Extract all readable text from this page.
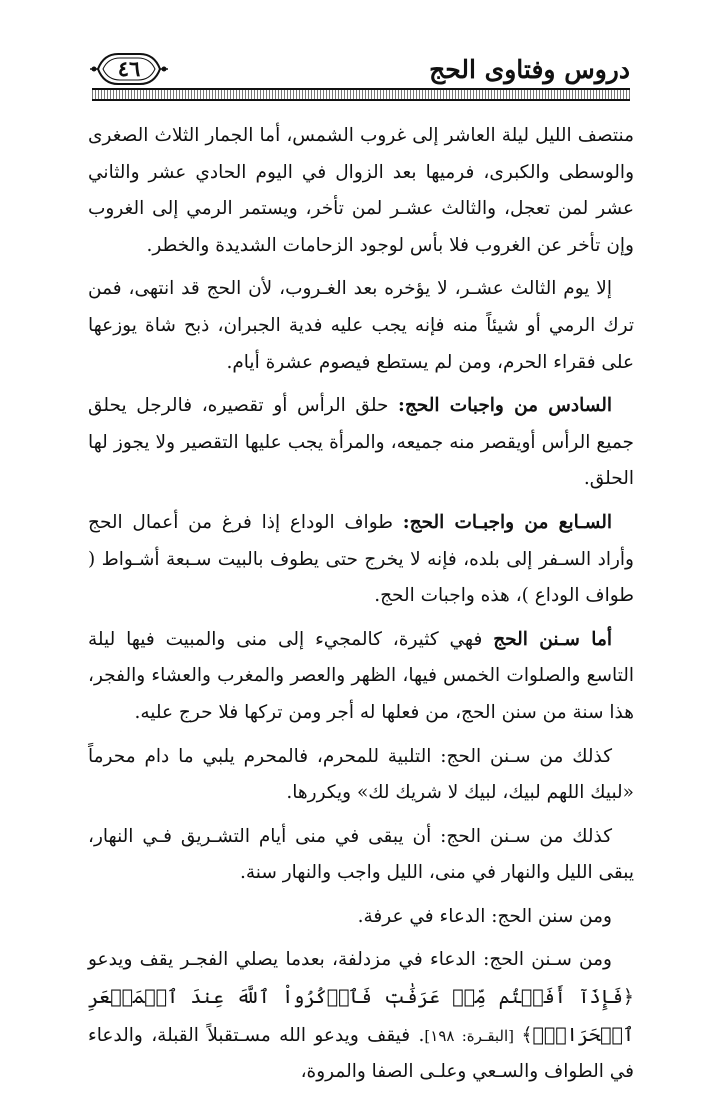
دروس وفتاوى الحج
٤٦

منتصف الليل ليلة العاشر إلى غروب الشمس، أما الجمار الثلاث الصغرى والوسطى والكبرى، فرميها بعد الزوال في اليوم الحادي عشر والثاني عشر لمن تعجل، والثالث عشـر لمن تأخر، ويستمر الرمي إلى الغروب وإن تأخر عن الغروب فلا بأس لوجود الزحامات الشديدة والخطر.

إلا يوم الثالث عشـر، لا يؤخره بعد الغـروب، لأن الحج قد انتهى، فمن ترك الرمي أو شيئاً منه فإنه يجب عليه فدية الجبران، ذبح شاة يوزعها على فقراء الحرم، ومن لم يستطع فيصوم عشرة أيام.

السادس من واجبات الحج: حلق الرأس أو تقصيره، فالرجل يحلق جميع الرأس أويقصر منه جميعه، والمرأة يجب عليها التقصير ولا يجوز لها الحلق.

السـابع من واجبـات الحج: طواف الوداع إذا فرغ من أعمال الحج وأراد السـفر إلى بلده، فإنه لا يخرج حتى يطوف بالبيت سـبعة أشـواط ( طواف الوداع )، هذه واجبات الحج.

أما سـنن الحج فهي كثيرة، كالمجيء إلى منى والمبيت فيها ليلة التاسع والصلوات الخمس فيها، الظهر والعصر والمغرب والعشاء والفجر، هذا سنة من سنن الحج، من فعلها له أجر ومن تركها فلا حرج عليه.

كذلك من سـنن الحج: التلبية للمحرم، فالمحرم يلبي ما دام محرماً «لبيك اللهم لبيك، لبيك لا شريك لك» ويكررها.

كذلك من سـنن الحج: أن يبقى في منى أيام التشـريق فـي النهار، يبقى الليل والنهار في منى، الليل واجب والنهار سنة.

ومن سنن الحج: الدعاء في عرفة.

ومن سـنن الحج: الدعاء في مزدلفة، بعدما يصلي الفجـر يقف ويدعو ﴿فَإِذَآ أَفَضۡتُم مِّنۡ عَرَفَٰتٖ فَٱذۡكُرُواْ ٱللَّهَ عِندَ ٱلۡمَشۡعَرِ ٱلۡحَرَامِۖ﴾ [البقـرة: ١٩٨]. فيقف ويدعو الله مسـتقبلاً القبلة، والدعاء في الطواف والسـعي وعلـى الصفا والمروة،
